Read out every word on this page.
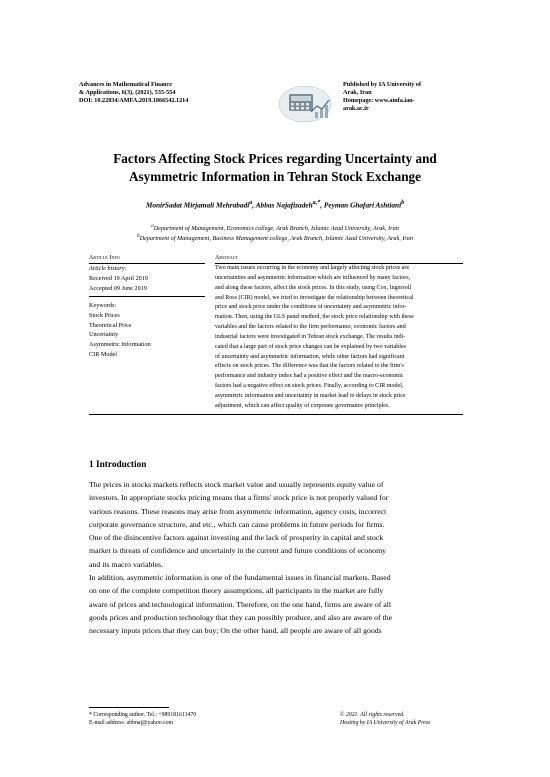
Advances in Mathematical Finance
& Applications, 6(3), (2021), 535-554
DOI: 10.22034/AMFA.2019.1866542.1214
Published by IA University of
Arak, Iran
Homepage: www.amfa.iau-
arak.ac.ir
Factors Affecting Stock Prices regarding Uncertainty and
Asymmetric Information in Tehran Stock Exchange
MonirSadat Mirjamali Mehrabadi$^a$, Abbas Najafizadeh$^{a,*}$, Peyman Ghafari Ashtiani$^b$
$^a$Department of Management, Economics college, Arak Branch, Islamic Azad University, Arak, Iran
$^b$Department of Management, Business Management college, Arak Branch, Islamic Azad University, Arak, Iran
Article Info	Abstract
Article history:
Received 19 April 2019
Accepted 09 June 2019
Keywords:
Stock Prices
Theoretical Price
Uncertainty
Asymmetric Information
CIR Model
Two main issues occurring in the economy and largely affecting stock prices are
uncertainties and asymmetric information which are influenced by many factors,
and along these factors, affect the stock prices. In this study, using Cox, Ingersoll
and Ross (CIR) model, we tried to investigate the relationship between theoretical
price and stock price under the conditions of uncertainty and asymmetric infor-
mation. Then, using the GLS panel method, the stock price relationship with these
variables and the factors related to the firm performance, economic factors and
industrial factors were investigated in Tehran stock exchange. The results indi-
cated that a large part of stock price changes can be explained by two variables
of uncertainty and asymmetric information, while other factors had significant
effects on stock prices. The difference was that the factors related to the firm's
performance and industry index had a positive effect and the macro-economic
factors had a negative effect on stock prices. Finally, according to CIR model,
asymmetric information and uncertainty in market lead to delays in stock price
adjustment, which can affect quality of corporate governance principles.
1 Introduction
The prices in stocks markets reflects stock market value and usually represents equity value of
investors. In appropriate stocks pricing means that a firms' stock price is not properly valued for
various reasons. These reasons may arise from asymmetric information, agency costs, incorrect
corporate governance structure, and etc., which can cause problems in future periods for firms.
One of the disincentive factors against investing and the lack of prosperity in capital and stock
market is threats of confidence and uncertainly in the current and future conditions of economy
and its macro variables.
In addition, asymmetric information is one of the fundamental issues in financial markets. Based
on one of the complete competition theory assumptions, all participants in the market are fully
aware of prices and technological information. Therefore, on the one hand, firms are aware of all
goods prices and production technology that they can possibly produce, and also are aware of the
necessary inputs prices that they can buy; On the other hand, all people are aware of all goods
* Corresponding author. Tel.: +989181611470
E-mail address: abbnaj@yahoo.com
© 2021. All rights reserved.
Hosting by IA University of Arak Press
